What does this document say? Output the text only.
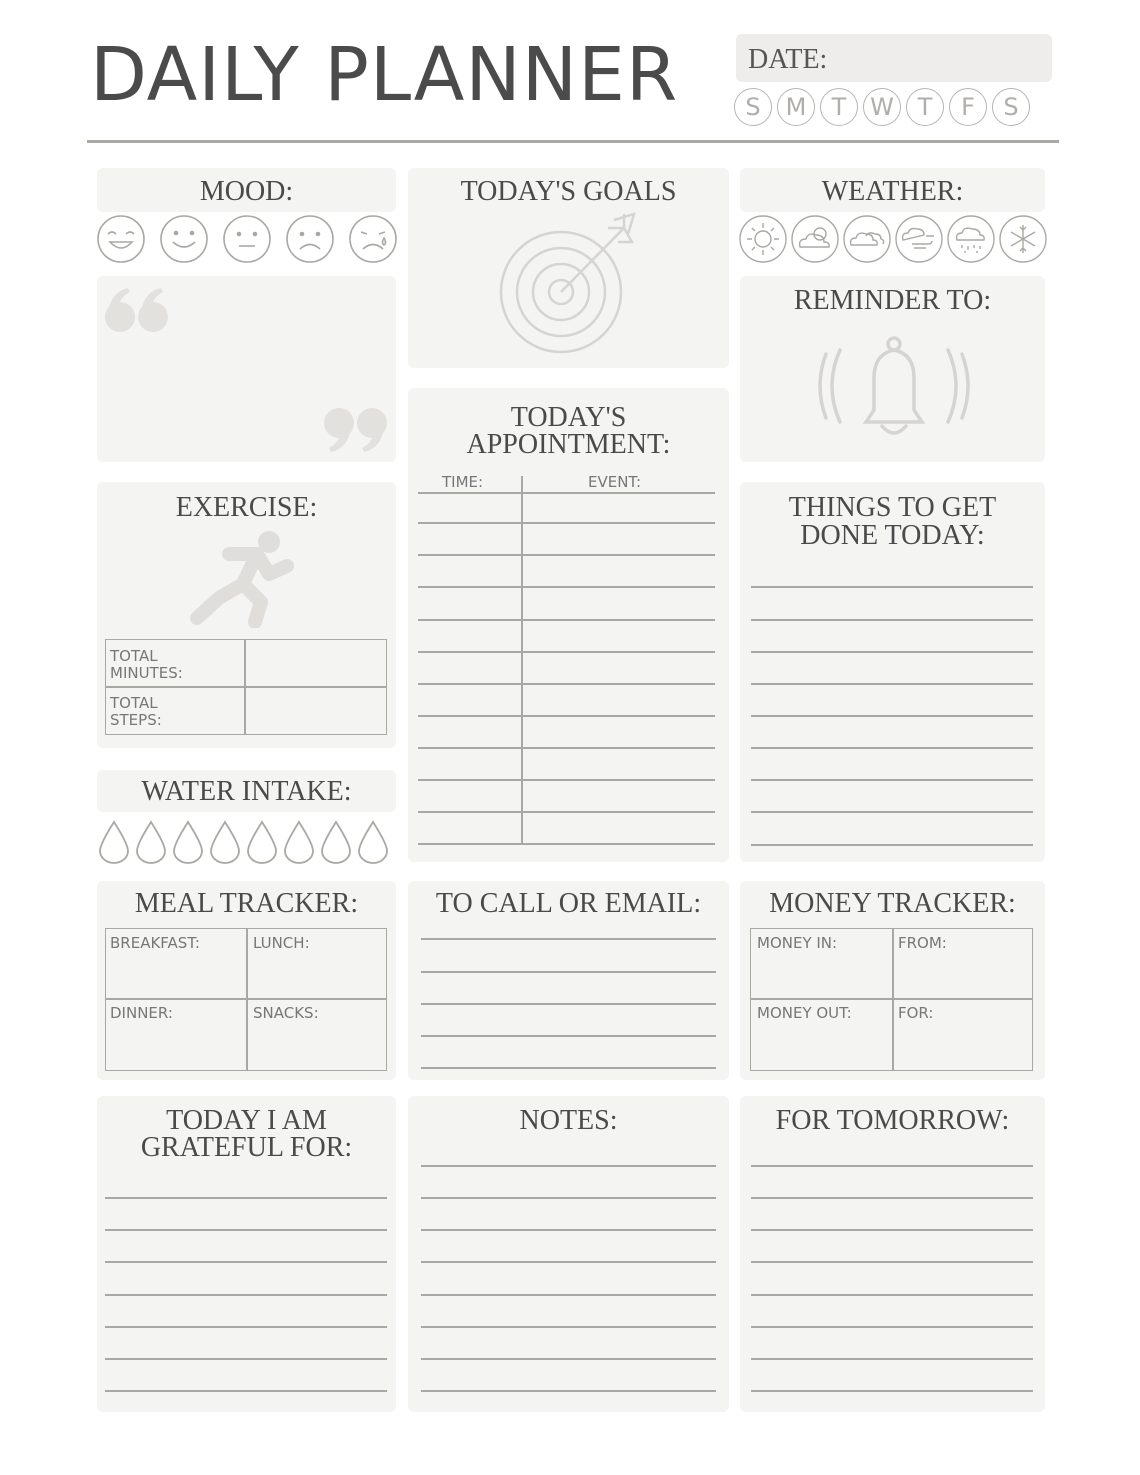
DAILY PLANNER DATE:
S	M	T W T	F	S
MOOD:	TODAY'S GOALS	WEATHER:
REMINDER TO:
TODAY'S
APPOINTMENT:
TIME:	EVENT:
EXERCISE:
TOTAL
MINUTES:
TOTAL
STEPS:
THINGS TO GET
DONE TODAY:
WATER INTAKE:
MEAL TRACKER:
BREAKFAST:	LUNCH:
DINNER:	SNACKS:
TO CALL OR EMAIL:	MONEY TRACKER:
MONEY IN:	FROM:
MONEY OUT:	FOR:
TODAY I AM
GRATEFUL FOR:
NOTES:	FOR TOMORROW:
